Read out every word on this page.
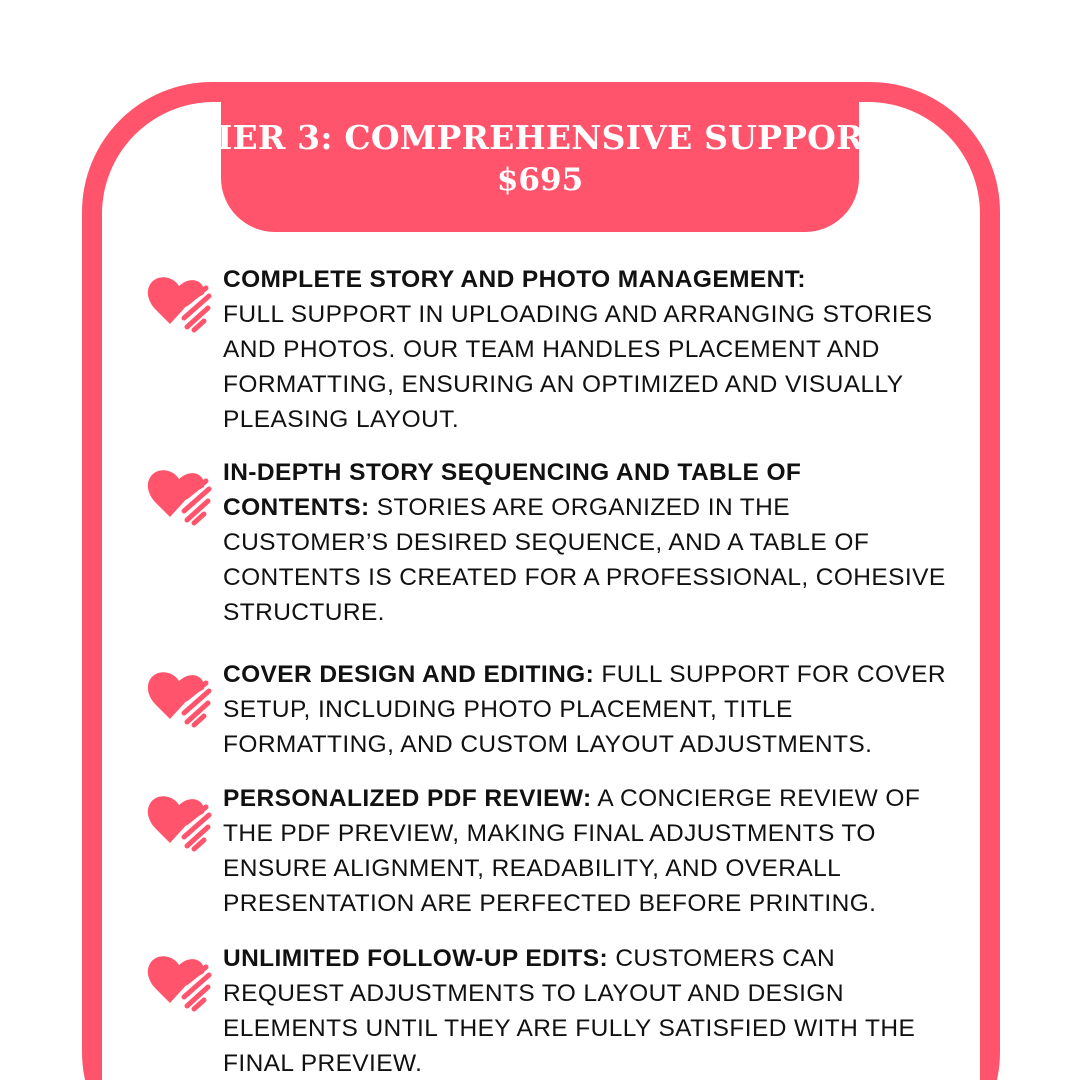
TIER 3: COMPREHENSIVE SUPPORT
$695
COMPLETE STORY AND PHOTO MANAGEMENT:
FULL SUPPORT IN UPLOADING AND ARRANGING STORIES AND PHOTOS. OUR TEAM HANDLES PLACEMENT AND FORMATTING, ENSURING AN OPTIMIZED AND VISUALLY PLEASING LAYOUT.
IN-DEPTH STORY SEQUENCING AND TABLE OF CONTENTS: STORIES ARE ORGANIZED IN THE CUSTOMER’S DESIRED SEQUENCE, AND A TABLE OF CONTENTS IS CREATED FOR A PROFESSIONAL, COHESIVE STRUCTURE.
COVER DESIGN AND EDITING: FULL SUPPORT FOR COVER SETUP, INCLUDING PHOTO PLACEMENT, TITLE FORMATTING, AND CUSTOM LAYOUT ADJUSTMENTS.
PERSONALIZED PDF REVIEW: A CONCIERGE REVIEW OF THE PDF PREVIEW, MAKING FINAL ADJUSTMENTS TO ENSURE ALIGNMENT, READABILITY, AND OVERALL PRESENTATION ARE PERFECTED BEFORE PRINTING.
UNLIMITED FOLLOW-UP EDITS: CUSTOMERS CAN REQUEST ADJUSTMENTS TO LAYOUT AND DESIGN ELEMENTS UNTIL THEY ARE FULLY SATISFIED WITH THE FINAL PREVIEW.
